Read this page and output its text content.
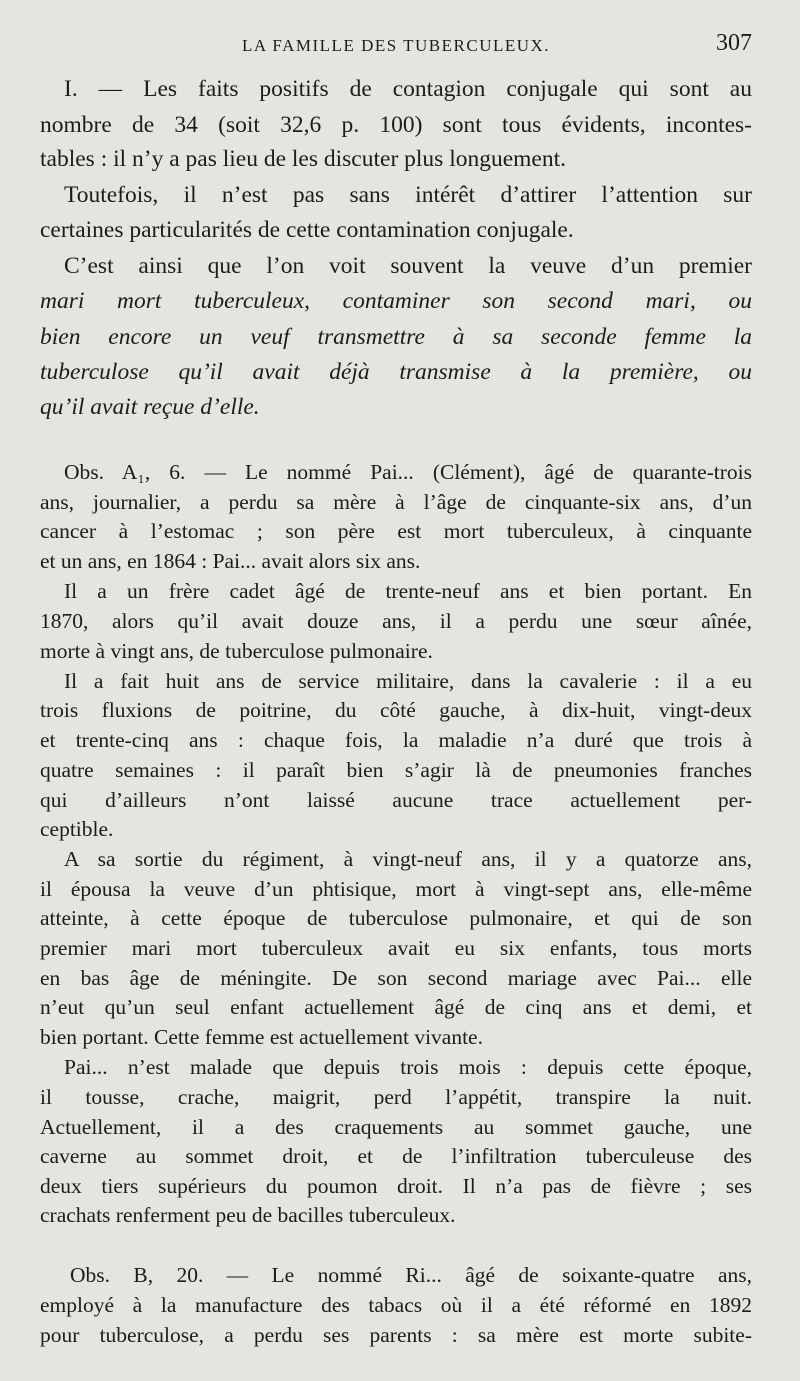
LA FAMILLE DES TUBERCULEUX.	307

I. — Les faits positifs de contagion conjugale qui sont au

nombre de 34 (soit 32,6 p. 100) sont tous évidents, incontes-

tables : il n’y a pas lieu de les discuter plus longuement.

Toutefois, il n’est pas sans intérêt d’attirer l’attention sur

certaines particularités de cette contamination conjugale.

C’est ainsi que l’on voit souvent la veuve d’un premier

mari mort tuberculeux, contaminer son second mari, ou

bien encore un veuf transmettre à sa seconde femme la

tuberculose qu’il avait déjà transmise à la première, ou

qu’il avait reçue d’elle.

Obs. A₁, 6. — Le nommé Pai... (Clément), âgé de quarante-trois

ans, journalier, a perdu sa mère à l’âge de cinquante-six ans, d’un

cancer à l’estomac ; son père est mort tuberculeux, à cinquante

et un ans, en 1864 : Pai... avait alors six ans.

Il a un frère cadet âgé de trente-neuf ans et bien portant. En

1870, alors qu’il avait douze ans, il a perdu une sœur aînée,

morte à vingt ans, de tuberculose pulmonaire.

Il a fait huit ans de service militaire, dans la cavalerie : il a eu

trois fluxions de poitrine, du côté gauche, à dix-huit, vingt-deux

et trente-cinq ans : chaque fois, la maladie n’a duré que trois à

quatre semaines : il paraît bien s’agir là de pneumonies franches

qui d’ailleurs n’ont laissé aucune trace actuellement per-

ceptible.

A sa sortie du régiment, à vingt-neuf ans, il y a quatorze ans,

il épousa la veuve d’un phtisique, mort à vingt-sept ans, elle-même

atteinte, à cette époque de tuberculose pulmonaire, et qui de son

premier mari mort tuberculeux avait eu six enfants, tous morts

en bas âge de méningite. De son second mariage avec Pai... elle

n’eut qu’un seul enfant actuellement âgé de cinq ans et demi, et

bien portant. Cette femme est actuellement vivante.

Pai... n’est malade que depuis trois mois : depuis cette époque,

il tousse, crache, maigrit, perd l’appétit, transpire la nuit.

Actuellement, il a des craquements au sommet gauche, une

caverne au sommet droit, et de l’infiltration tuberculeuse des

deux tiers supérieurs du poumon droit. Il n’a pas de fièvre ; ses

crachats renferment peu de bacilles tuberculeux.

Obs. B, 20. — Le nommé Ri... âgé de soixante-quatre ans,

employé à la manufacture des tabacs où il a été réformé en 1892

pour tuberculose, a perdu ses parents : sa mère est morte subite-
